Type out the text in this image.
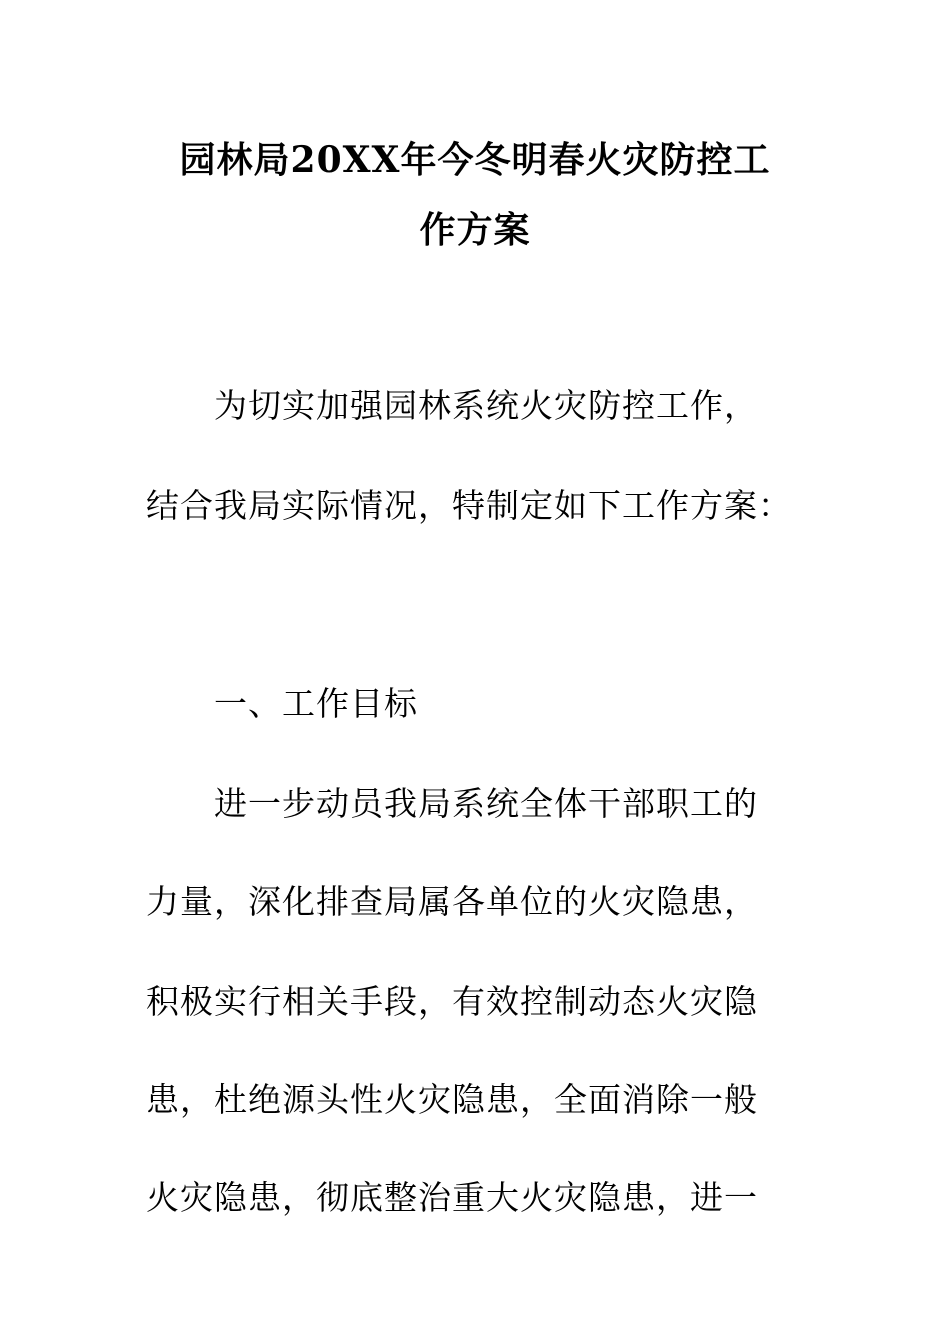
园林局20XX年今冬明春火灾防控工
作方案
为切实加强园林系统火灾防控工作，
结合我局实际情况，特制定如下工作方案：
一、工作目标
进一步动员我局系统全体干部职工的
力量，深化排查局属各单位的火灾隐患，
积极实行相关手段，有效控制动态火灾隐
患，杜绝源头性火灾隐患，全面消除一般
火灾隐患，彻底整治重大火灾隐患，进一
